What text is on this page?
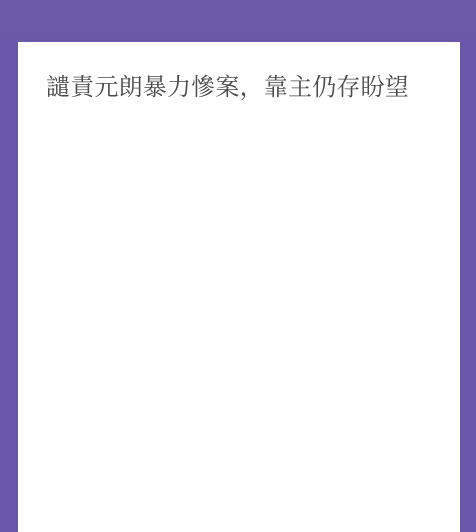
譴責元朗暴力慘案，靠主仍存盼望
